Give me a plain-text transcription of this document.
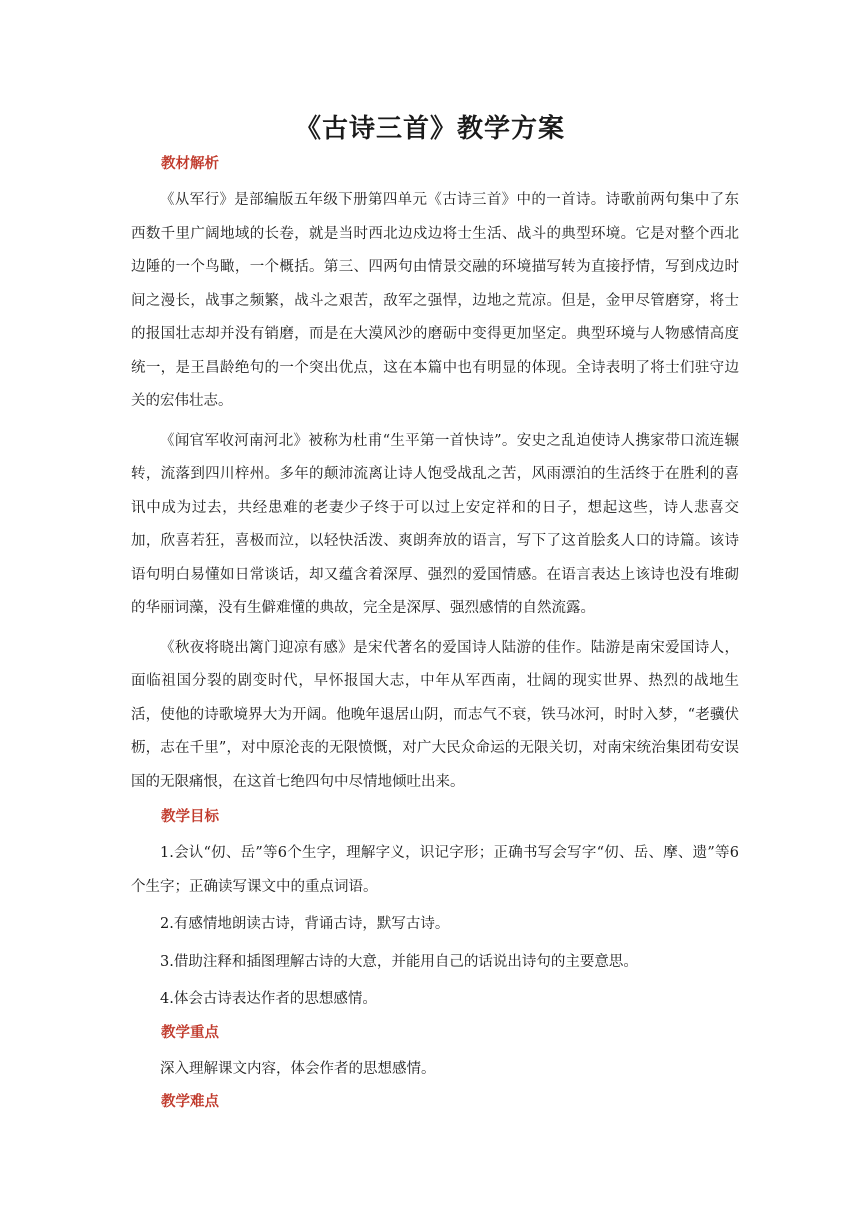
《古诗三首》教学方案
教材解析

《从军行》是部编版五年级下册第四单元《古诗三首》中的一首诗。诗歌前两句集中了东西数千里广阔地域的长卷，就是当时西北边戍边将士生活、战斗的典型环境。它是对整个西北边陲的一个鸟瞰，一个概括。第三、四两句由情景交融的环境描写转为直接抒情，写到戍边时间之漫长，战事之频繁，战斗之艰苦，敌军之强悍，边地之荒凉。但是，金甲尽管磨穿，将士的报国壮志却并没有销磨，而是在大漠风沙的磨砺中变得更加坚定。典型环境与人物感情高度统一，是王昌龄绝句的一个突出优点，这在本篇中也有明显的体现。全诗表明了将士们驻守边关的宏伟壮志。

《闻官军收河南河北》被称为杜甫“生平第一首快诗”。安史之乱迫使诗人携家带口流连辗转，流落到四川梓州。多年的颠沛流离让诗人饱受战乱之苦，风雨漂泊的生活终于在胜利的喜讯中成为过去，共经患难的老妻少子终于可以过上安定祥和的日子，想起这些，诗人悲喜交加，欣喜若狂，喜极而泣，以轻快活泼、爽朗奔放的语言，写下了这首脍炙人口的诗篇。该诗语句明白易懂如日常谈话，却又蕴含着深厚、强烈的爱国情感。在语言表达上该诗也没有堆砌的华丽词藻，没有生僻难懂的典故，完全是深厚、强烈感情的自然流露。

《秋夜将晓出篱门迎凉有感》是宋代著名的爱国诗人陆游的佳作。陆游是南宋爱国诗人，面临祖国分裂的剧变时代，早怀报国大志，中年从军西南，壮阔的现实世界、热烈的战地生活，使他的诗歌境界大为开阔。他晚年退居山阴，而志气不衰，铁马冰河，时时入梦，“老骥伏枥，志在千里”，对中原沦丧的无限愤慨，对广大民众命运的无限关切，对南宋统治集团苟安误国的无限痛恨，在这首七绝四句中尽情地倾吐出来。

教学目标

1.会认“仞、岳”等6个生字，理解字义，识记字形；正确书写会写字“仞、岳、摩、遗”等6个生字；正确读写课文中的重点词语。

2.有感情地朗读古诗，背诵古诗，默写古诗。

3.借助注释和插图理解古诗的大意，并能用自己的话说出诗句的主要意思。

4.体会古诗表达作者的思想感情。

教学重点

深入理解课文内容，体会作者的思想感情。

教学难点
